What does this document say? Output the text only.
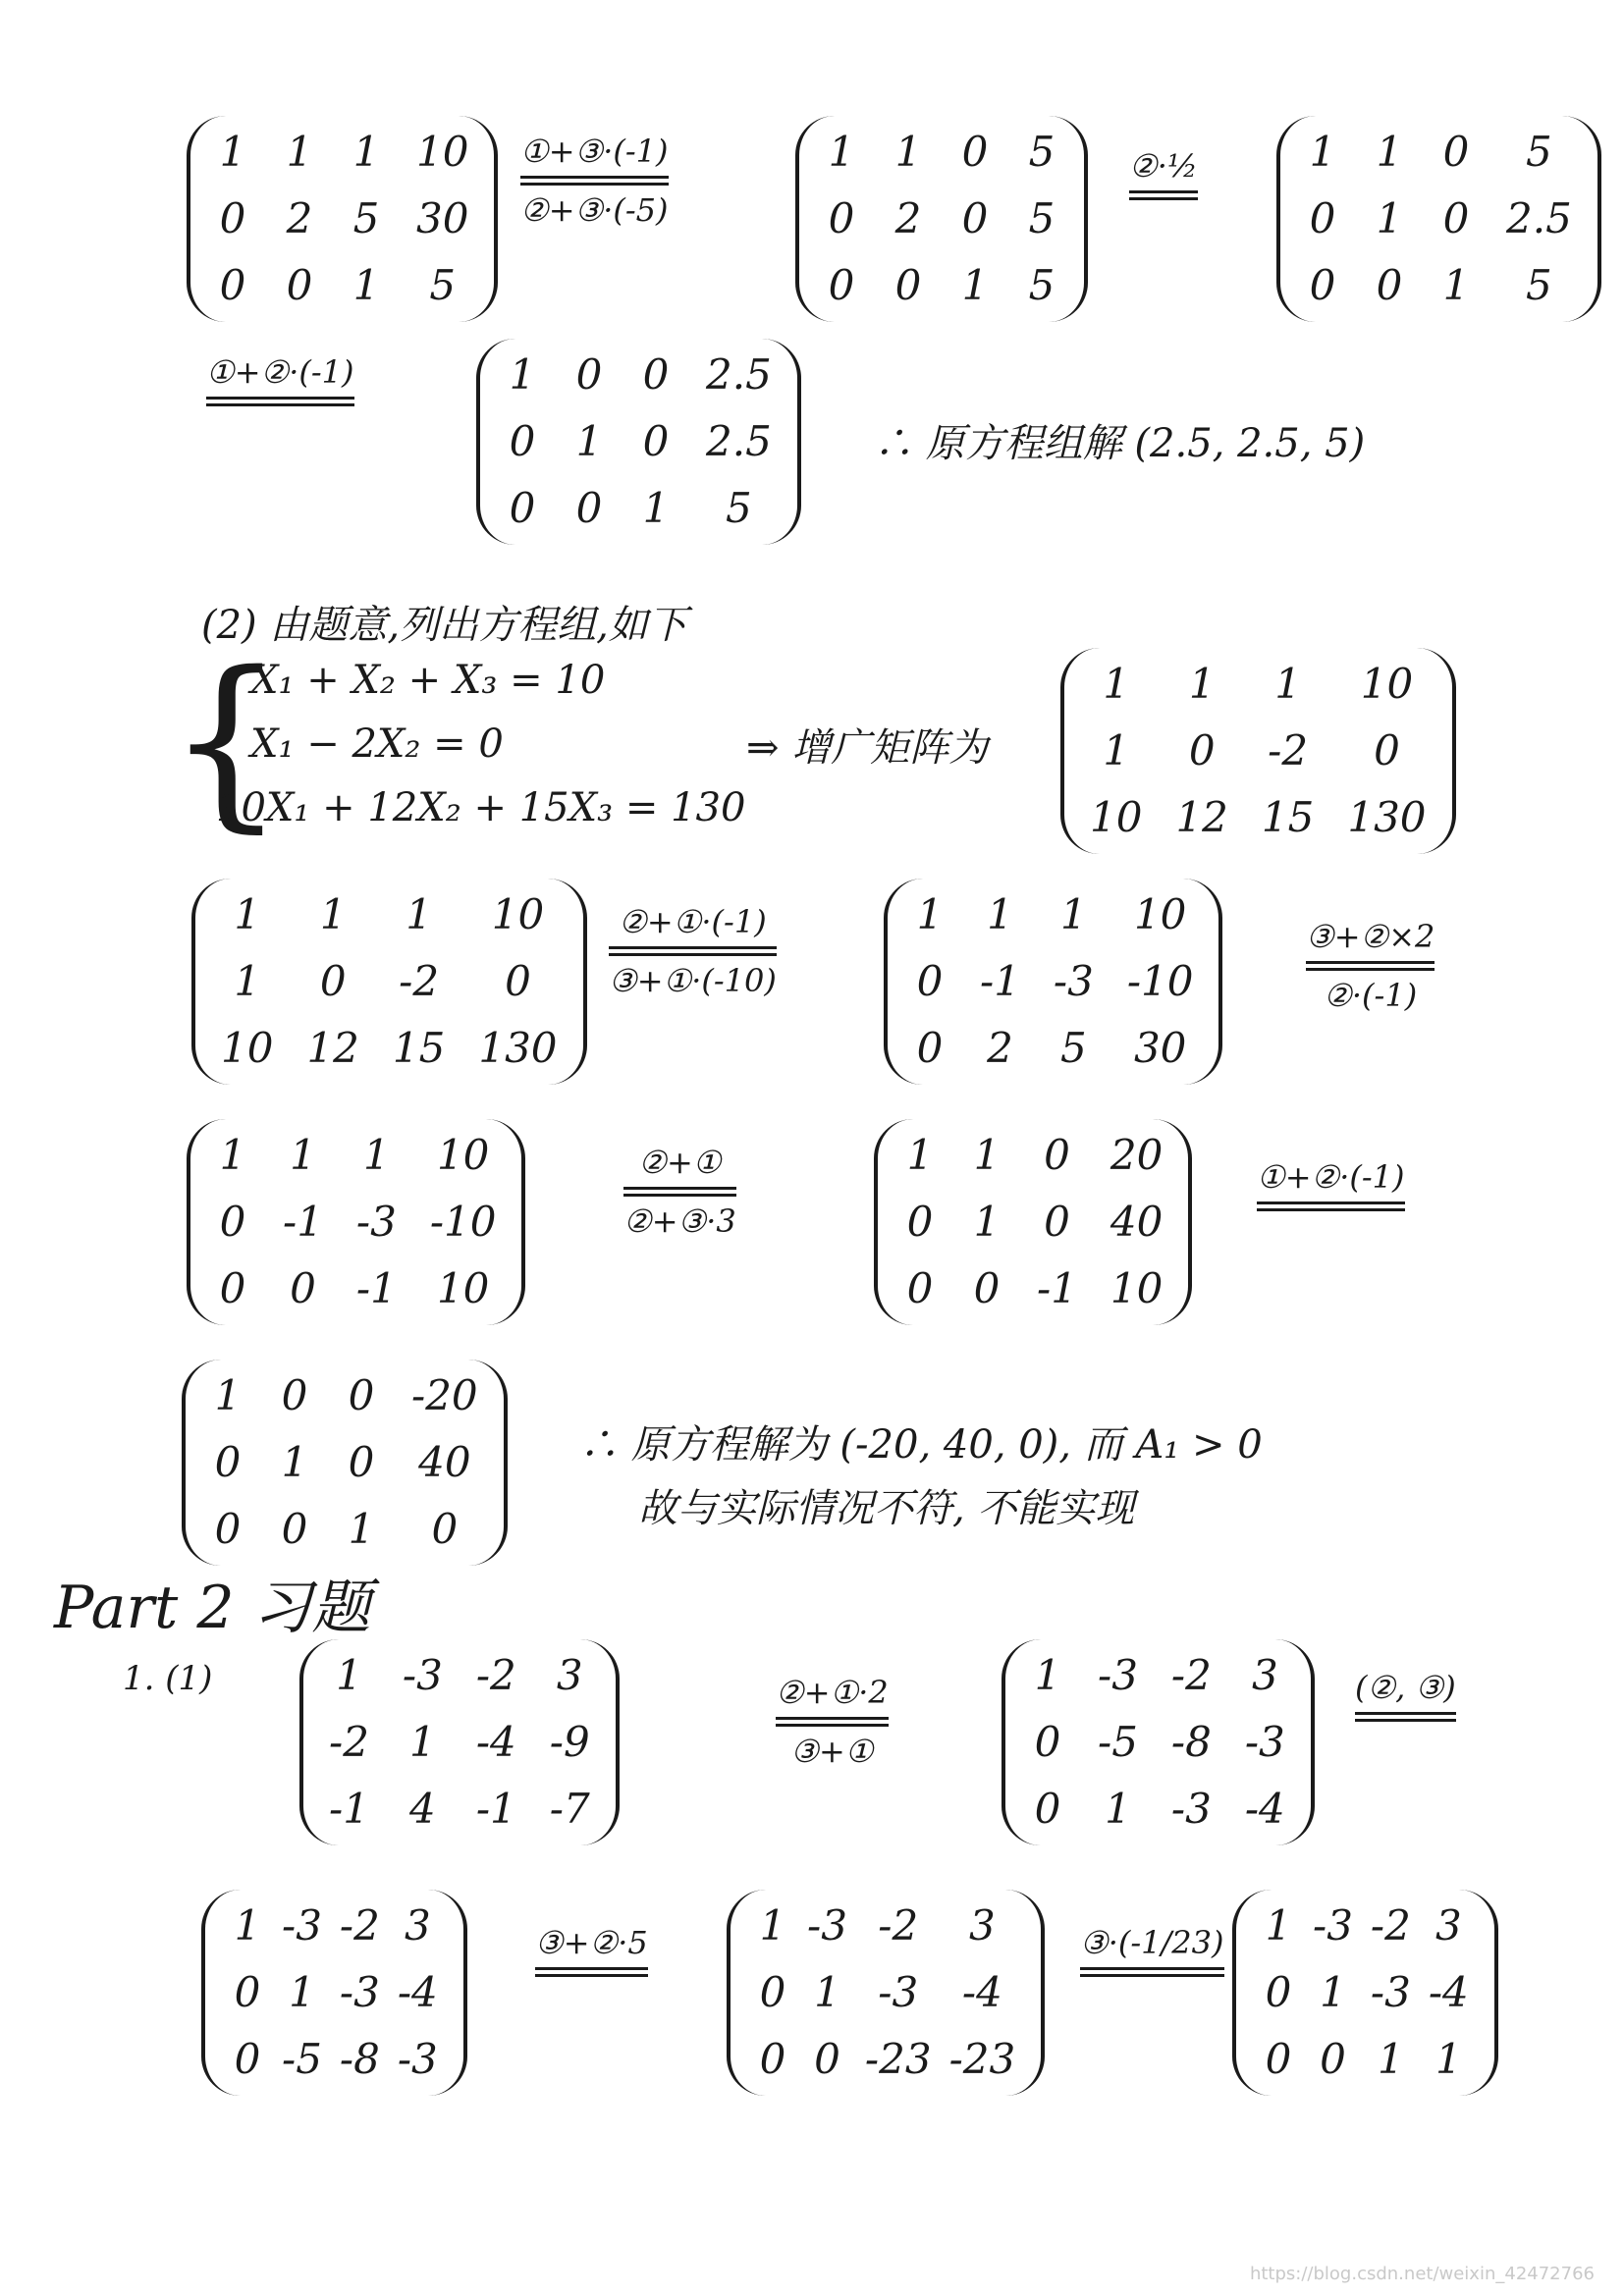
1 1 1 10
0 2 5 30
0 0 1	5
①+③·(-1)
②+③·(-5)
1 1 0 5
0 2 0 5
0 0 1 5
②·½	1 1 0	5
0 1 0 2.5
0 0 1	5
①+②·(-1)	1 0 0 2.5
0 1 0 2.5
0 0 1	5
∴ 原方程组解 (2.5, 2.5, 5)
(2) 由题意,列出方程组,如下
{
X₁ + X₂ + X₃ = 10
X₁ − 2X₂ = 0
10X₁ + 12X₂ + 15X₃ = 130
⇒ 增广矩阵为
1	1	1	10
1	0	-2	0
10 12 15 130
1	1	1	10
1	0	-2	0
10 12 15 130
②+①·(-1)
③+①·(-10)
1 1 1 10
0 -1 -3 -10
0 2 5 30
③+②×2
②·(-1)
1 1 1 10
0 -1 -3 -10
0 0 -1 10
②+①
②+③·3
1 1 0 20
0 1 0 40
0 0 -1 10
①+②·(-1)
1 0 0 -20
0 1 0 40
0 0 1	0
∴ 原方程解为 (-20, 40, 0), 而 A₁ > 0
故与实际情况不符, 不能实现
Part 2 习题
1. (1)	1 -3 -2 3
-2 1 -4 -9
-1 4 -1 -7
②+①·2
③+①
1 -3 -2 3
0 -5 -8 -3
0 1 -3 -4
(②, ③)
1 -3 -2 3
0 1 -3 -4
0 -5 -8 -3
③+②·5	1 -3 -2	3
0 1 -3	-4
0 0 -23 -23
③·(-1/23) 1 -3 -2 3
0 1 -3 -4
0 0 1 1
https://blog.csdn.net/weixin_42472766
